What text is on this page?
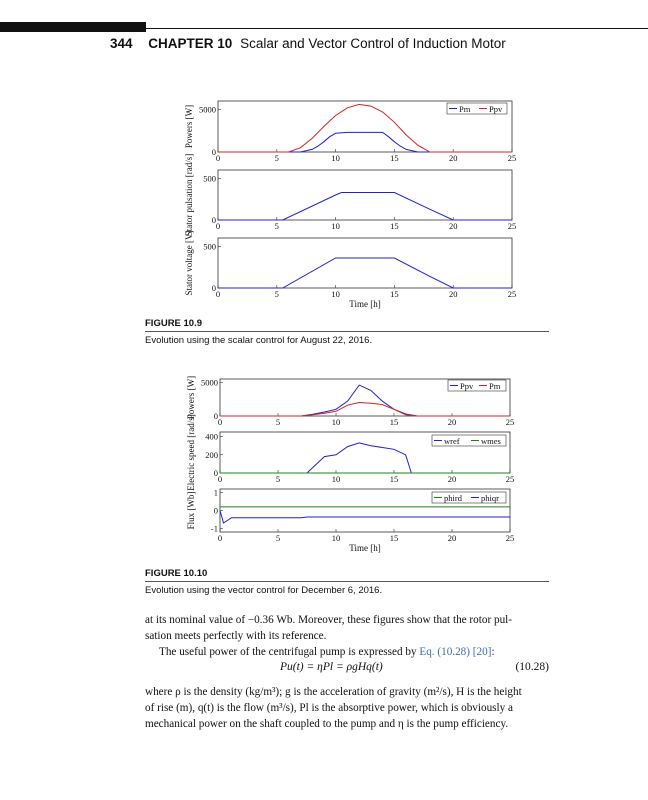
344 CHAPTER 10 Scalar and Vector Control of Induction Motor
0	5	10	15	20	25
0
5000
Powers [W]	Pm Ppv
0	5	10	15	20	25
0
500
Stator pulsation [rad/s]
0	5	10	15	20	25
0
500
Stator voltage [V]
Time [h]
0	5	10	15	20	25
0
5000
Powers [W]	Ppv Pm
0	5	10	15	20	25
0
200
400
Electric speed [rad/s]	wref	wmes
0	5	10	15	20	25
-1
0
1
Flux [Wb]
Time [h]
phird phiqr
FIGURE 10.9
Evolution using the scalar control for August 22, 2016.
FIGURE 10.10
Evolution using the vector control for December 6, 2016.

at its nominal value of −0.36 Wb. Moreover, these figures show that the rotor pul-

sation meets perfectly with its reference.

The useful power of the centrifugal pump is expressed by Eq. (10.28) [20]:

Pu(t) = ηPl = ρgHq(t)	(10.28)

where ρ is the density (kg/m³); g is the acceleration of gravity (m²/s), H is the height

of rise (m), q(t) is the flow (m³/s), Pl is the absorptive power, which is obviously a

mechanical power on the shaft coupled to the pump and η is the pump efficiency.
